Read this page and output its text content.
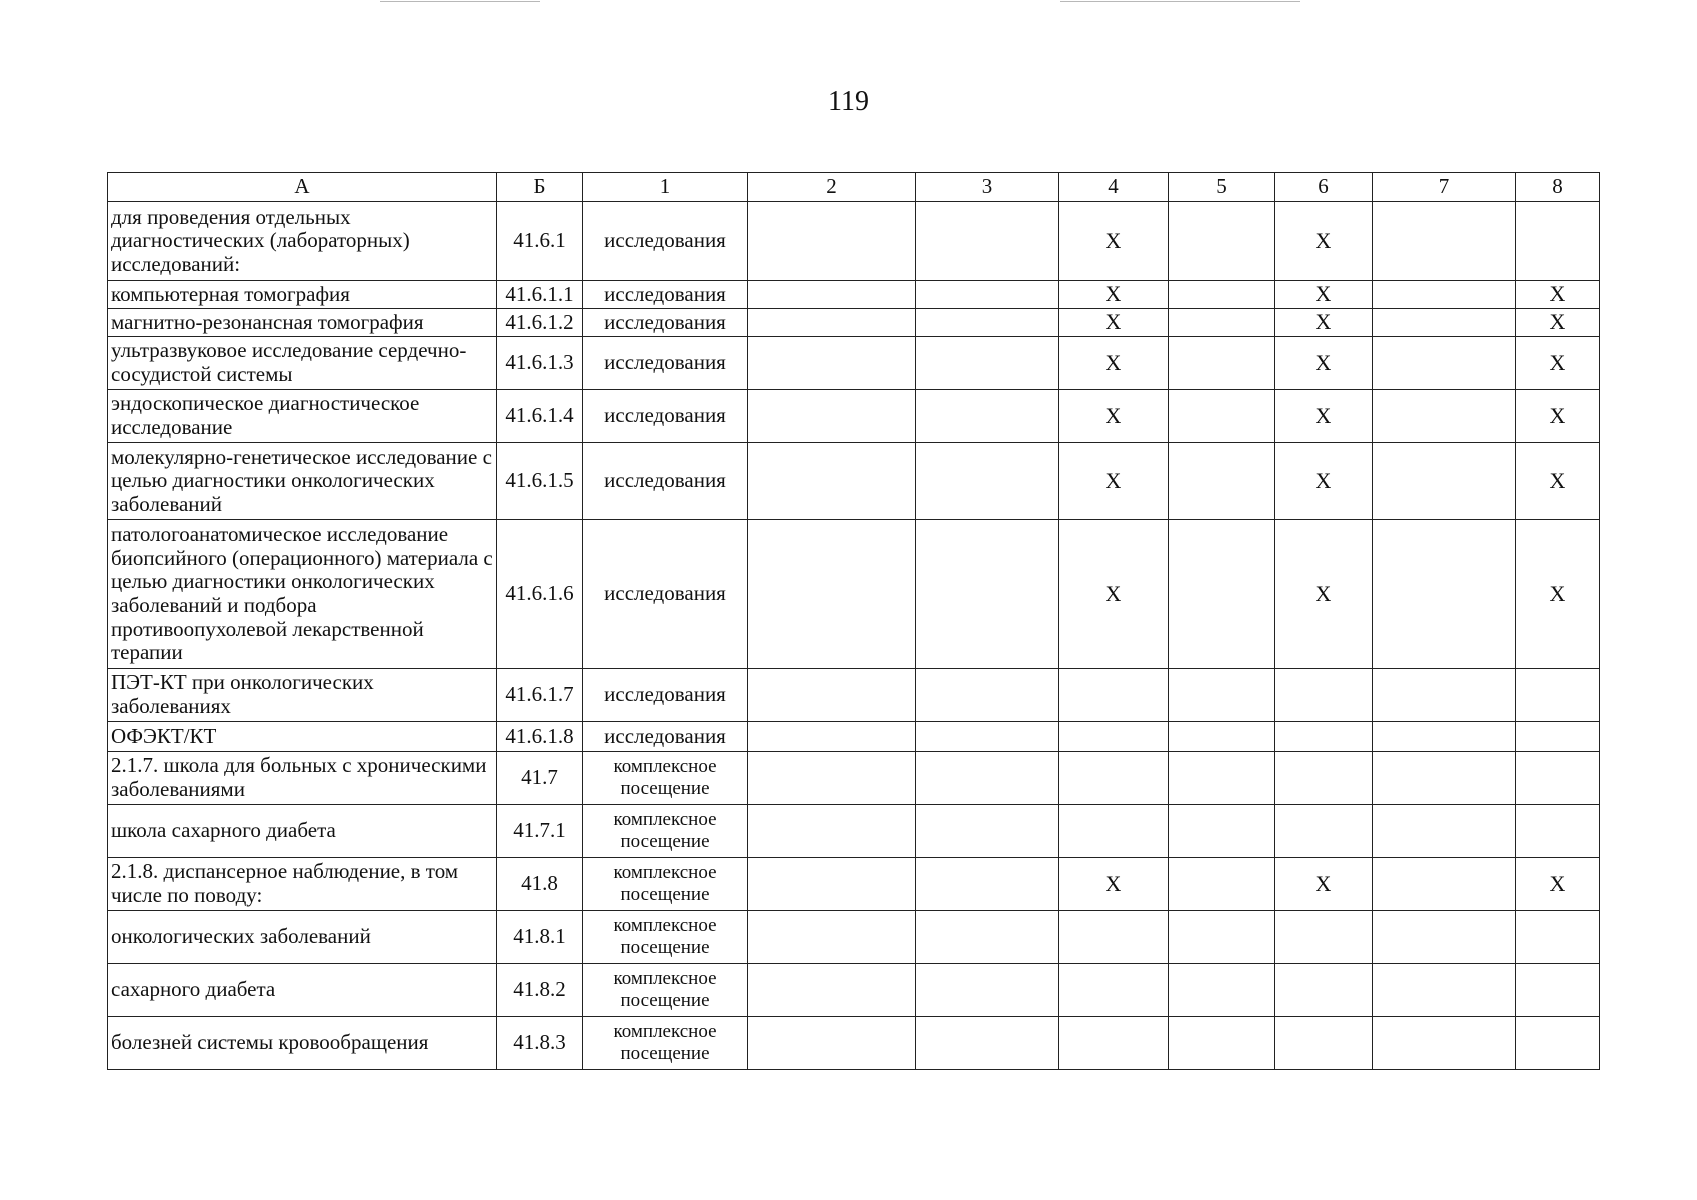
119
А	Б	1	2	3	4	5	6	7	8
для проведения отдельных диагностических (лабораторных) исследований:	41.6.1	исследования			Х		Х		
компьютерная томография	41.6.1.1	исследования			Х		Х		Х
магнитно-резонансная томография	41.6.1.2	исследования			Х		Х		Х
ультразвуковое исследование сердечно-сосудистой системы	41.6.1.3	исследования			Х		Х		Х
эндоскопическое диагностическое исследование	41.6.1.4	исследования			Х		Х		Х
молекулярно-генетическое исследование с целью диагностики онкологических заболеваний	41.6.1.5	исследования			Х		Х		Х
патологоанатомическое исследование биопсийного (операционного) материала с целью диагностики онкологических заболеваний и подбора противоопухолевой лекарственной терапии	41.6.1.6	исследования			Х		Х		Х
ПЭТ-КТ при онкологических заболеваниях	41.6.1.7	исследования							
ОФЭКТ/КТ	41.6.1.8	исследования							
2.1.7. школа для больных с хроническими заболеваниями	41.7	комплексное посещение							
школа сахарного диабета	41.7.1	комплексное посещение							
2.1.8. диспансерное наблюдение, в том числе по поводу:	41.8	комплексное посещение			Х		Х		Х
онкологических заболеваний	41.8.1	комплексное посещение							
сахарного диабета	41.8.2	комплексное посещение							
болезней системы кровообращения	41.8.3	комплексное посещение							
